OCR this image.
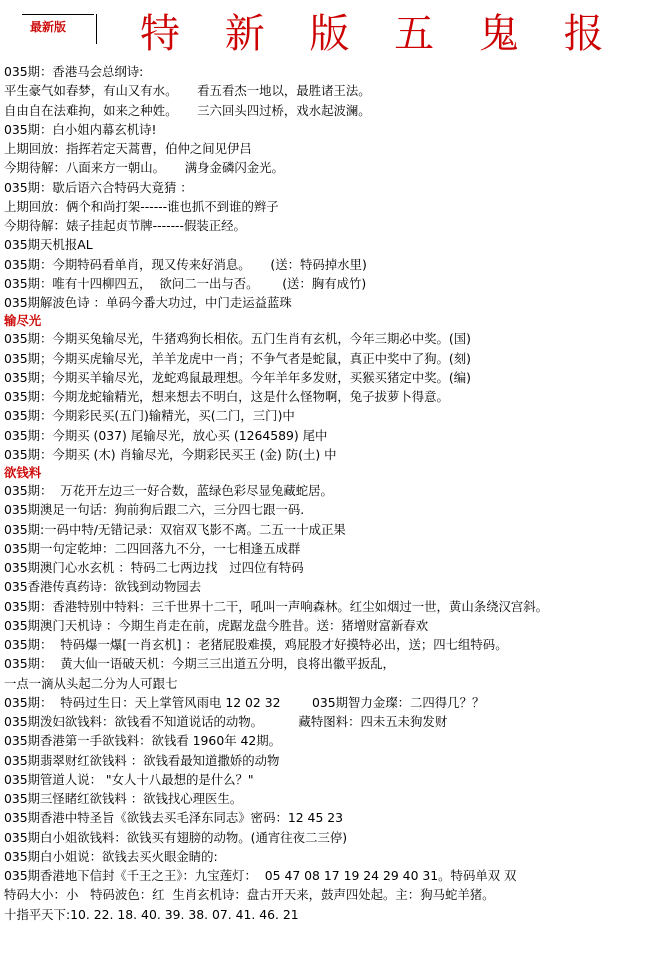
最新版 特 新 版 五 鬼 报
035期：香港马会总纲诗:
平生豪气如春梦，有山又有水。     看五看杰一地以，最胜诸王法。
自由自在法难拘，如来之种姓。     三六回头四过桥，戏水起波澜。
035期：白小姐内幕玄机诗!
上期回放：指挥若定天蒿曹，伯仲之间见伊吕
今期待解：八面来方一朝山。     满身金磷闪金光。
035期：歇后语六合特码大竟猜 ：
上期回放：俩个和尚打架------谁也抓不到谁的辫子
今期待解：婊子挂起贞节牌-------假装正经。
035期天机报AL
035期：今期特码看单肖，现又传来好消息。     (送：特码掉水里)
035期：唯有十四柳四五，  欲问二一出与否。      (送：胸有成竹)
035期解波色诗 ：单码今番大功过，中门走运益蓝珠
输尽光
035期：今期买兔输尽光，牛猪鸡狗长相依。五门生肖有玄机，今年三期必中奖。(国)
035期；今期买虎输尽光，羊羊龙虎中一肖；不争气者是蛇鼠，真正中奖中了狗。(刻)
035期；今期买羊输尽光，龙蛇鸡鼠最理想。今年羊年多发财，买猴买猪定中奖。(编)
035期：今期龙蛇输精光，想来想去不明白，这是什么怪物啊，兔子拔萝卜得意。
035期：今期彩民买(五门)输精光，买(二门，三门)中
035期：今期买 (037) 尾输尽光，放心买 (1264589) 尾中
035期：今期买 (木) 肖输尽光，今期彩民买王 (金) 防(土) 中
欲钱料
035期：  万花开左边三一好合数，蓝绿色彩尽显兔藏蛇居。
035期澳足一句话：狗前狗后跟二六，三分四七跟一码.
035期:一码中特/无错记录：双宿双飞影不离。二五一十成正果
035期一句定乾坤：二四回落九不分，一七相逢五成群
035期澳门心水玄机 ：特码二七两边找   过四位有特码
035香港传真药诗：欲钱到动物园去
035期：香港特别中特料：三千世界十二干，吼叫一声响森林。红尘如烟过一世，黄山条绕汉宫斜。
035期澳门天机诗 ：今期生肖走在前，虎踞龙盘今胜昔。送：猪增财富新春欢
035期：  特码爆一爆[一肖玄机] ：老猪屁股难摸，鸡屁股才好摸特必出，送；四七组特码。
035期：  黄大仙一语破天机：今期三三出道五分明，良将出徽平扳乱，
一点一滴从头起二分为人可跟七
035期：  特码过生日：天上掌管风雨电 12 02 32        035期智力金璨：二四得几？？
035期泼妇欲钱料：欲钱看不知道说话的动物。         藏特图料：四未五未狗发财
035期香港第一手欲钱料：欲钱看 1960年 42期。
035期翡翠财红欲钱料 ：欲钱看最知道撒娇的动物
035期管道人说： "女人十八最想的是什么？"
035期三怪睹红欲钱料 ：欲钱找心理医生。
035期香港中特圣旨《欲钱去买毛泽东同志》密码：12 45 23
035期白小姐欲钱料：欲钱买有翅膀的动物。(通宵往夜二三停)
035期白小姐说：欲钱去买火眼金睛的:
035期香港地下信封《千王之王》：九宝莲灯：  05 47 08 17 19 24 29 40 31。特码单双 双
特码大小：小   特码波色：红  生肖玄机诗：盘古开天来，鼓声四处起。主：狗马蛇羊猪。
十指平天下:10. 22. 18. 40. 39. 38. 07. 41. 46. 21
